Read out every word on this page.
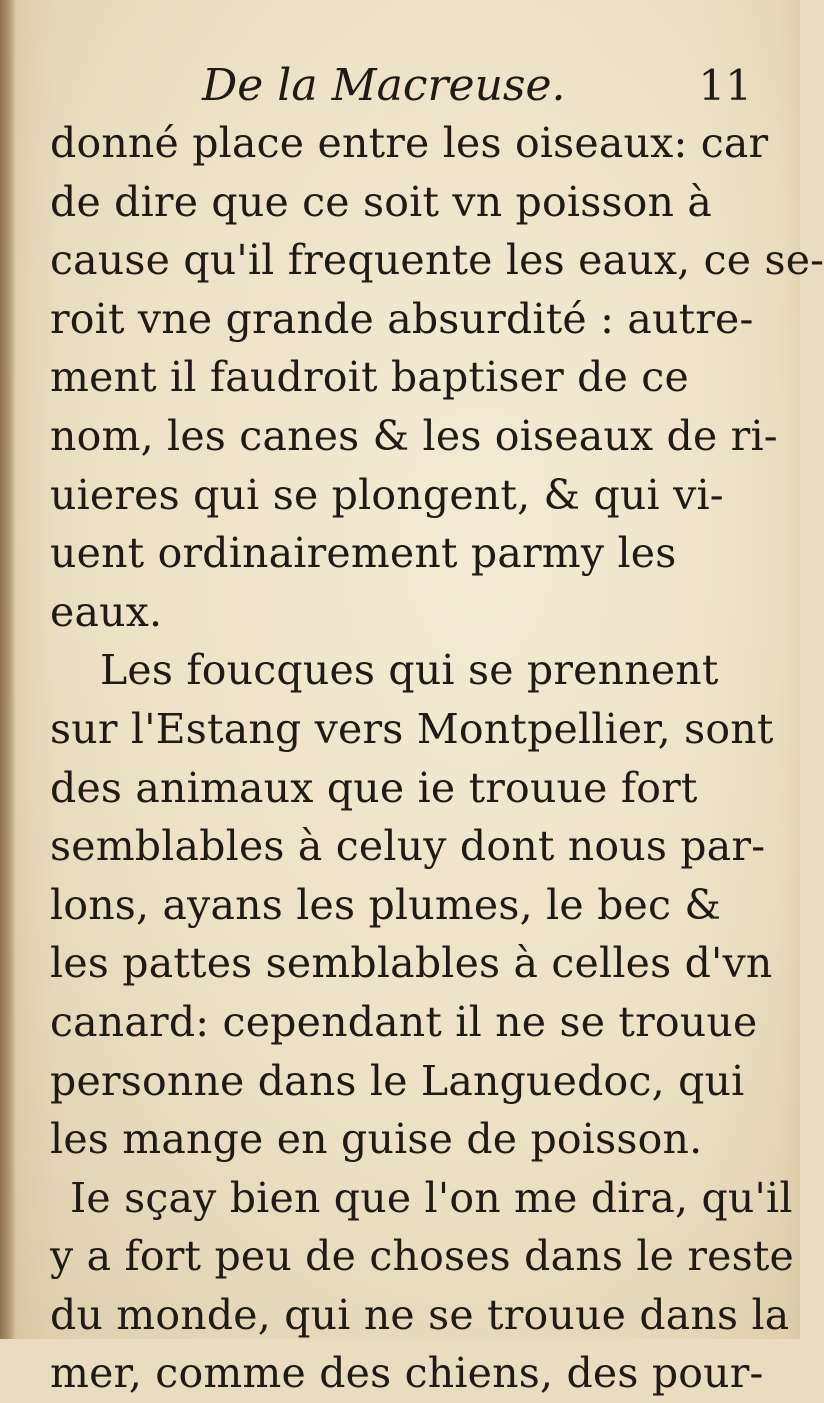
De la Macreuse.	11
donné place entre les oiseaux: car
de dire que ce soit vn poisson à
cause qu'il frequente les eaux, ce se-
roit vne grande absurdité : autre-
ment il faudroit baptiser de ce
nom, les canes & les oiseaux de ri-
uieres qui se plongent, & qui vi-
uent ordinairement parmy les
eaux.
Les foucques qui se prennent
sur l'Estang vers Montpellier, sont
des animaux que ie trouue fort
semblables à celuy dont nous par-
lons, ayans les plumes, le bec &
les pattes semblables à celles d'vn
canard: cependant il ne se trouue
personne dans le Languedoc, qui
les mange en guise de poisson.
Ie sçay bien que l'on me dira, qu'il
y a fort peu de choses dans le reste
du monde, qui ne se trouue dans la
mer, comme des chiens, des pour-
